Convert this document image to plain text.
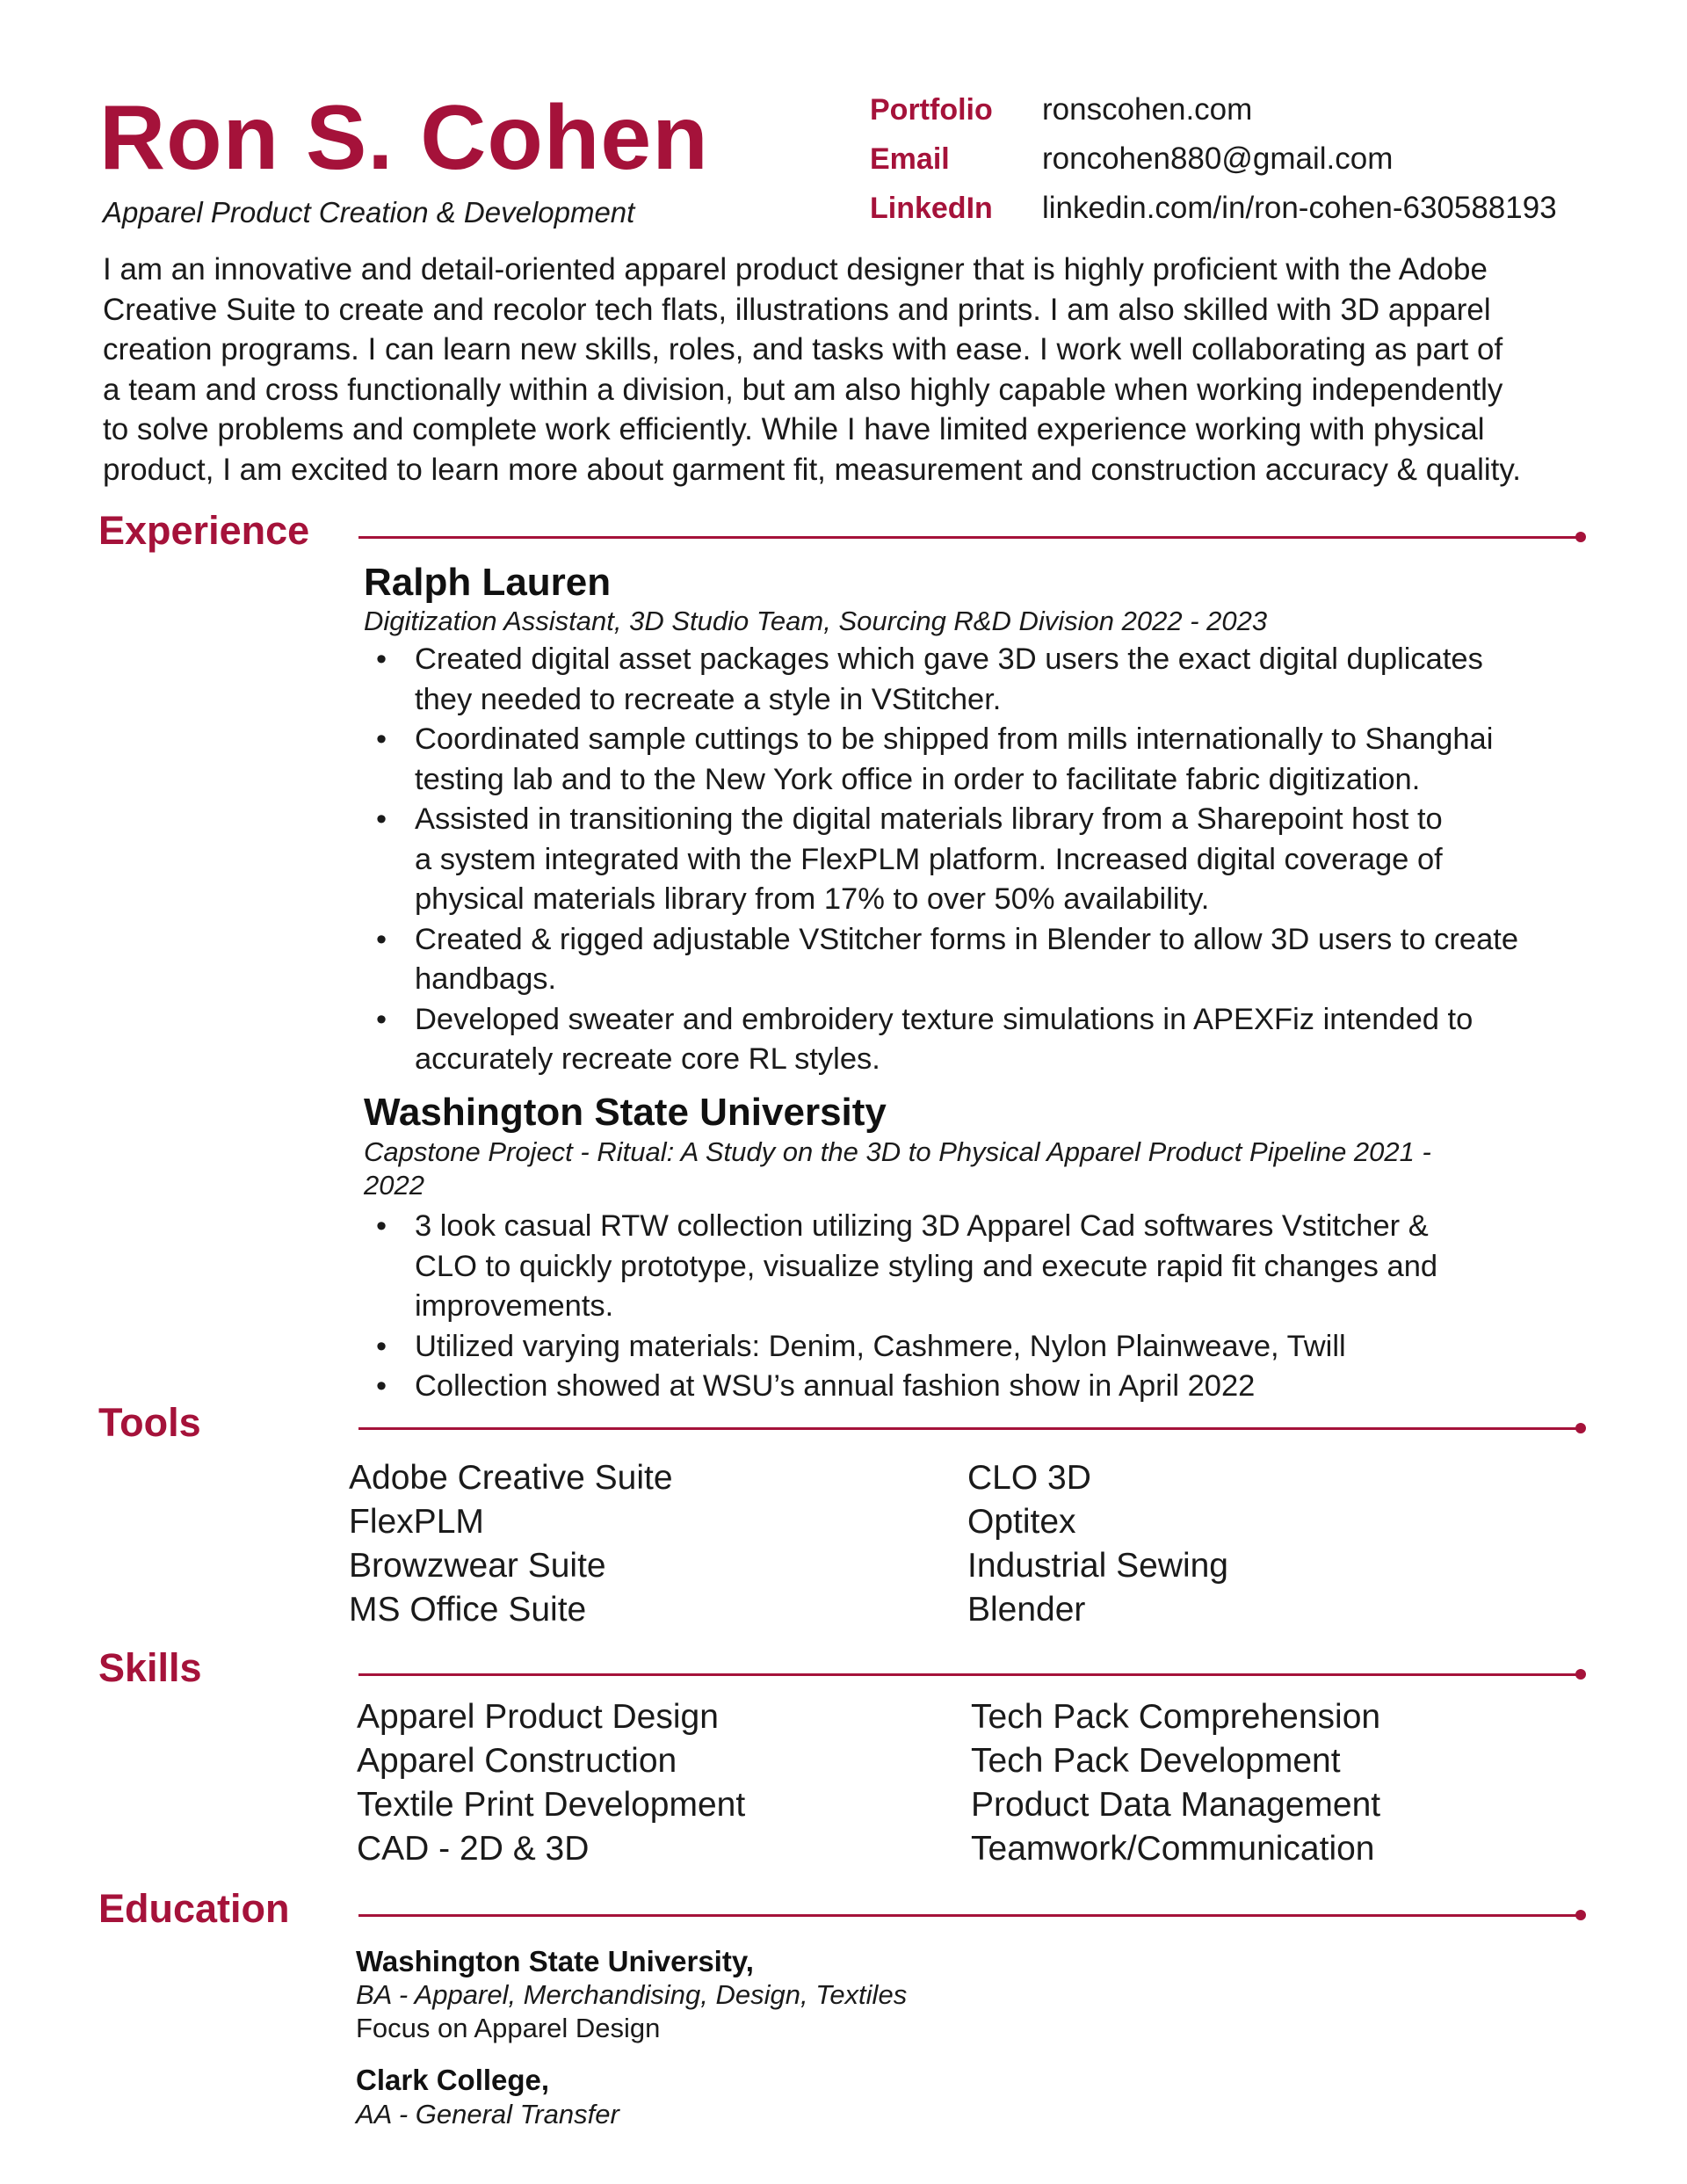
Ron S. Cohen
Apparel Product Creation & Development
Portfolio ronscohen.com
Email	roncohen880@gmail.com
LinkedIn linkedin.com/in/ron-cohen-630588193

I am an innovative and detail-oriented apparel product designer that is highly proficient with the Adobe

Creative Suite to create and recolor tech flats, illustrations and prints. I am also skilled with 3D apparel

creation programs. I can learn new skills, roles, and tasks with ease. I work well collaborating as part of

a team and cross functionally within a division, but am also highly capable when working independently

to solve problems and complete work efficiently. While I have limited experience working with physical

product, I am excited to learn more about garment fit, measurement and construction accuracy & quality.

Experience
Ralph Lauren
Digitization Assistant, 3D Studio Team, Sourcing R&D Division 2022 - 2023
• Created digital asset packages which gave 3D users the exact digital duplicates
they needed to recreate a style in VStitcher.
• Coordinated sample cuttings to be shipped from mills internationally to Shanghai
testing lab and to the New York office in order to facilitate fabric digitization.
• Assisted in transitioning the digital materials library from a Sharepoint host to
a system integrated with the FlexPLM platform. Increased digital coverage of
physical materials library from 17% to over 50% availability.
• Created & rigged adjustable VStitcher forms in Blender to allow 3D users to create
handbags.
• Developed sweater and embroidery texture simulations in APEXFiz intended to
accurately recreate core RL styles.
Washington State University
Capstone Project - Ritual: A Study on the 3D to Physical Apparel Product Pipeline 2021 -
2022
• 3 look casual RTW collection utilizing 3D Apparel Cad softwares Vstitcher &
CLO to quickly prototype, visualize styling and execute rapid fit changes and
improvements.
• Utilized varying materials: Denim, Cashmere, Nylon Plainweave, Twill
• Collection showed at WSU’s annual fashion show in April 2022
Tools
Adobe Creative Suite
FlexPLM
Browzwear Suite
MS Office Suite
CLO 3D
Optitex
Industrial Sewing
Blender
Skills
Apparel Product Design
Apparel Construction
Textile Print Development
CAD - 2D & 3D
Tech Pack Comprehension
Tech Pack Development
Product Data Management
Teamwork/Communication
Education
Washington State University,
BA - Apparel, Merchandising, Design, Textiles
Focus on Apparel Design
Clark College,
AA - General Transfer
